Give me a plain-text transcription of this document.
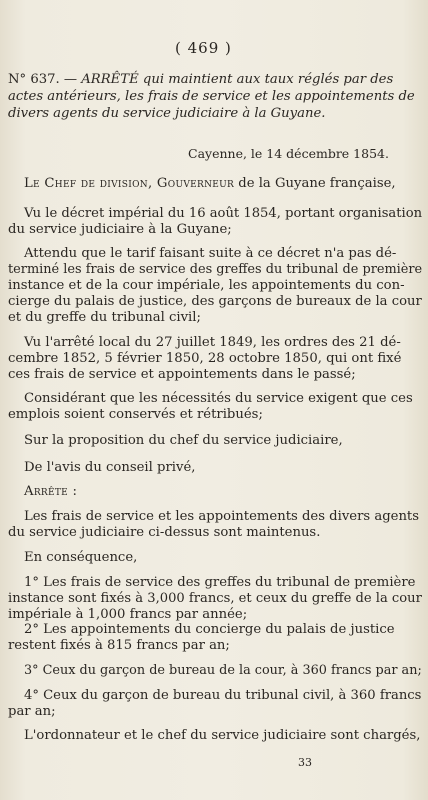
( 469 )
N° 637. — ARRÊTÉ qui maintient aux taux réglés par des
actes antérieurs, les frais de service et les appointements de
divers agents du service judiciaire à la Guyane.
Cayenne, le 14 décembre 1854.
Le Chef de division, Gouverneur de la Guyane française,
Vu le décret impérial du 16 août 1854, portant organisation
du service judiciaire à la Guyane;
Attendu que le tarif faisant suite à ce décret n'a pas dé-
terminé les frais de service des greffes du tribunal de première
instance et de la cour impériale, les appointements du con-
cierge du palais de justice, des garçons de bureaux de la cour
et du greffe du tribunal civil;
Vu l'arrêté local du 27 juillet 1849, les ordres des 21 dé-
cembre 1852, 5 février 1850, 28 octobre 1850, qui ont fixé
ces frais de service et appointements dans le passé;
Considérant que les nécessités du service exigent que ces
emplois soient conservés et rétribués;
Sur la proposition du chef du service judiciaire,
De l'avis du conseil privé,
Arrête :
Les frais de service et les appointements des divers agents
du service judiciaire ci-dessus sont maintenus.
En conséquence,
1° Les frais de service des greffes du tribunal de première
instance sont fixés à 3,000 francs, et ceux du greffe de la cour
impériale à 1,000 francs par année;
2° Les appointements du concierge du palais de justice
restent fixés à 815 francs par an;
3° Ceux du garçon de bureau de la cour, à 360 francs par an;
4° Ceux du garçon de bureau du tribunal civil, à 360 francs
par an;
L'ordonnateur et le chef du service judiciaire sont chargés,
33
